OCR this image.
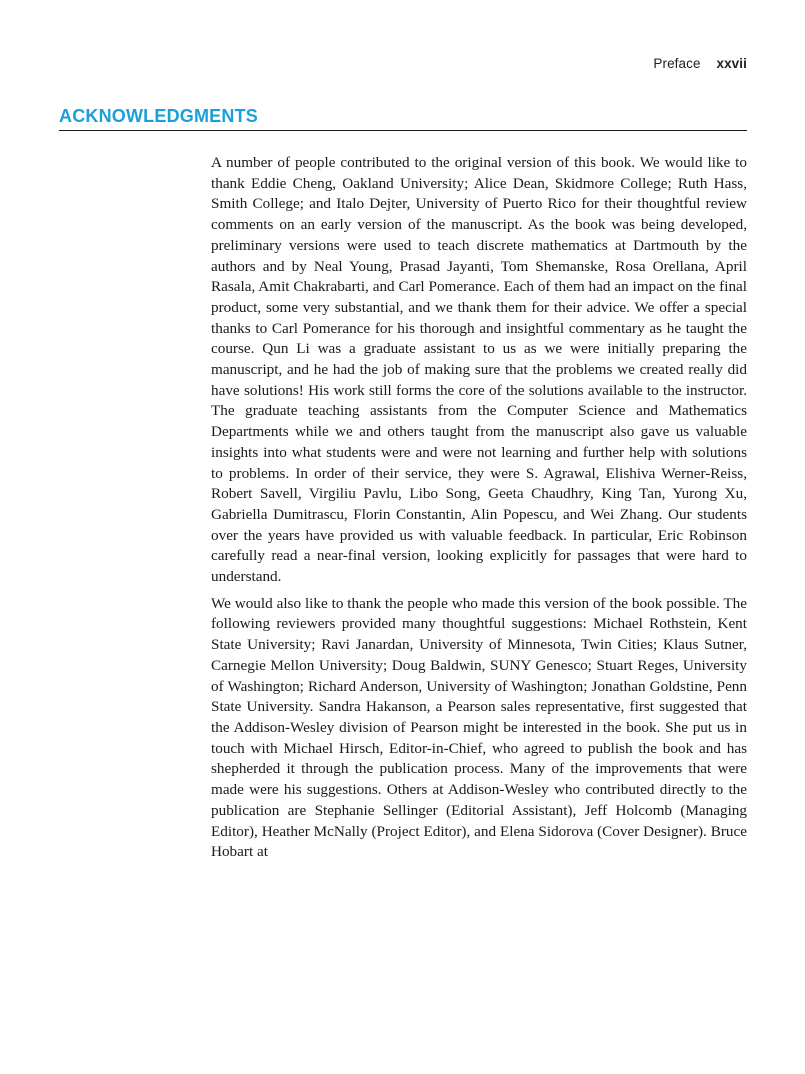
Preface xxvii
ACKNOWLEDGMENTS

A number of people contributed to the original version of this book. We would like to thank Eddie Cheng, Oakland University; Alice Dean, Skidmore College; Ruth Hass, Smith College; and Italo Dejter, University of Puerto Rico for their thoughtful review comments on an early version of the manuscript. As the book was being developed, preliminary versions were used to teach discrete mathematics at Dartmouth by the authors and by Neal Young, Prasad Jayanti, Tom Shemanske, Rosa Orellana, April Rasala, Amit Chakrabarti, and Carl Pomerance. Each of them had an impact on the final product, some very substantial, and we thank them for their advice. We offer a special thanks to Carl Pomerance for his thorough and insightful commentary as he taught the course. Qun Li was a graduate assistant to us as we were initially preparing the manuscript, and he had the job of making sure that the problems we created really did have solutions! His work still forms the core of the solutions available to the instructor. The graduate teaching assistants from the Computer Science and Mathematics Departments while we and others taught from the manuscript also gave us valuable insights into what students were and were not learning and further help with solutions to problems. In order of their service, they were S. Agrawal, Elishiva Werner-Reiss, Robert Savell, Virgiliu Pavlu, Libo Song, Geeta Chaudhry, King Tan, Yurong Xu, Gabriella Dumitrascu, Florin Constantin, Alin Popescu, and Wei Zhang. Our students over the years have provided us with valuable feedback. In particular, Eric Robinson carefully read a near-final version, looking explicitly for passages that were hard to understand.

We would also like to thank the people who made this version of the book possible. The following reviewers provided many thoughtful suggestions: Michael Rothstein, Kent State University; Ravi Janardan, University of Minnesota, Twin Cities; Klaus Sutner, Carnegie Mellon University; Doug Baldwin, SUNY Genesco; Stuart Reges, University of Washington; Richard Anderson, University of Washington; Jonathan Goldstine, Penn State University. Sandra Hakanson, a Pearson sales representative, first suggested that the Addison-Wesley division of Pearson might be interested in the book. She put us in touch with Michael Hirsch, Editor-in-Chief, who agreed to publish the book and has shepherded it through the publication process. Many of the improvements that were made were his suggestions. Others at Addison-Wesley who contributed directly to the publication are Stephanie Sellinger (Editorial Assistant), Jeff Holcomb (Managing Editor), Heather McNally (Project Editor), and Elena Sidorova (Cover Designer). Bruce Hobart at
